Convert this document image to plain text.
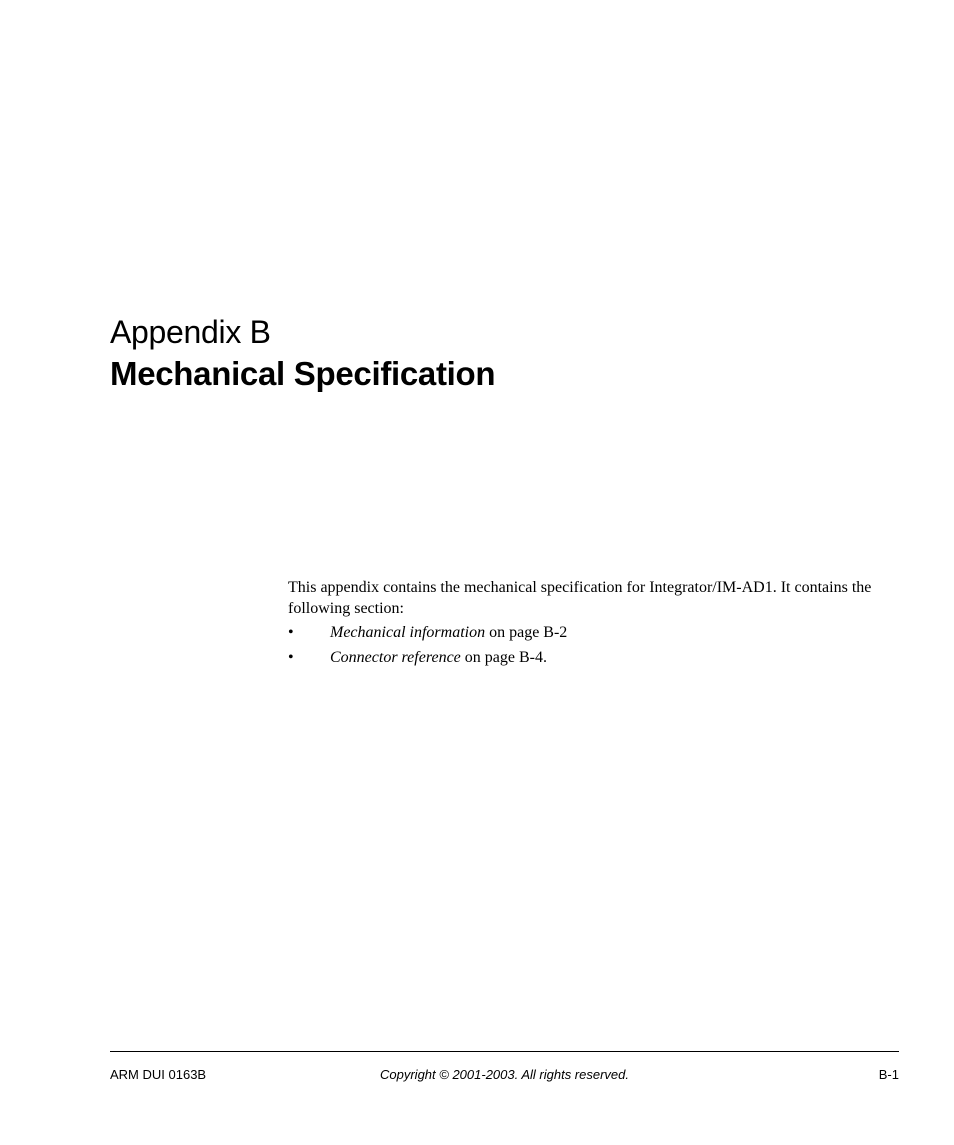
Appendix B
Mechanical Specification

This appendix contains the mechanical specification for Integrator/IM-AD1. It contains the following section:

• Mechanical information on page B-2
• Connector reference on page B-4.
ARM DUI 0163B	Copyright © 2001-2003. All rights reserved.	B-1
